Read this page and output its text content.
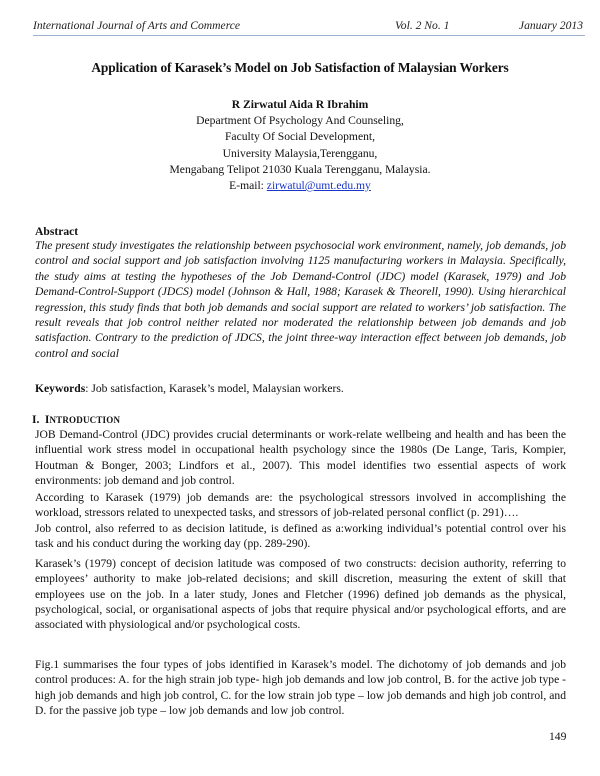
International Journal of Arts and Commerce	Vol. 2 No. 1	January 2013
Application of Karasek’s Model on Job Satisfaction of Malaysian Workers
R Zirwatul Aida R Ibrahim
Department Of Psychology And Counseling,
Faculty Of Social Development,
University Malaysia,Terengganu,
Mengabang Telipot 21030 Kuala Terengganu, Malaysia.
E-mail: zirwatul@umt.edu.my
Abstract
The present study investigates the relationship between psychosocial work environment, namely, job demands, job control and social support and job satisfaction involving 1125 manufacturing workers in Malaysia. Specifically, the study aims at testing the hypotheses of the Job Demand-Control (JDC) model (Karasek, 1979) and Job Demand-Control-Support (JDCS) model (Johnson & Hall, 1988; Karasek & Theorell, 1990). Using hierarchical regression, this study finds that both job demands and social support are related to workers’ job satisfaction. The result reveals that job control neither related nor moderated the relationship between job demands and job satisfaction. Contrary to the prediction of JDCS, the joint three-way interaction effect between job demands, job control and social
Keywords: Job satisfaction, Karasek’s model, Malaysian workers.
I. INTRODUCTION
JOB Demand-Control (JDC) provides crucial determinants or work-relate wellbeing and health and has been the influential work stress model in occupational health psychology since the 1980s (De Lange, Taris, Kompier, Houtman & Bonger, 2003; Lindfors et al., 2007). This model identifies two essential aspects of work environments: job demand and job control.
According to Karasek (1979) job demands are: the psychological stressors involved in accomplishing the workload, stressors related to unexpected tasks, and stressors of job-related personal conflict (p. 291)….
Job control, also referred to as decision latitude, is defined as a:working individual’s potential control over his task and his conduct during the working day (pp. 289-290).
Karasek’s (1979) concept of decision latitude was composed of two constructs: decision authority, referring to employees’ authority to make job-related decisions; and skill discretion, measuring the extent of skill that employees use on the job. In a later study, Jones and Fletcher (1996) defined job demands as the physical, psychological, social, or organisational aspects of jobs that require physical and/or psychological efforts, and are associated with physiological and/or psychological costs.
Fig.1 summarises the four types of jobs identified in Karasek’s model. The dichotomy of job demands and job control produces: A. for the high strain job type- high job demands and low job control, B. for the active job type - high job demands and high job control, C. for the low strain job type – low job demands and high job control, and D. for the passive job type – low job demands and low job control.
149
